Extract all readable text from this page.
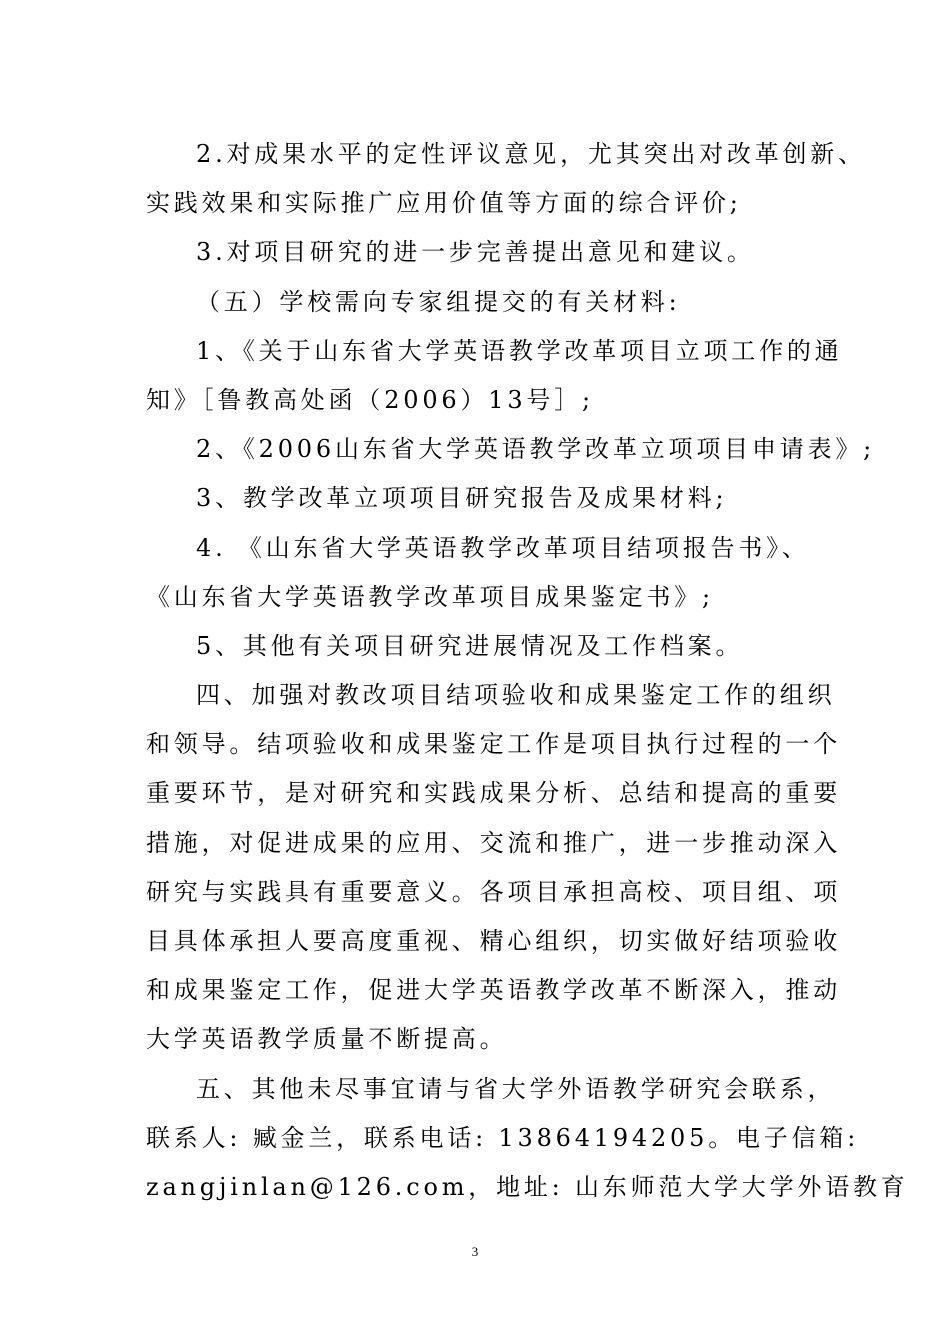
2.对成果水平的定性评议意见，尤其突出对改革创新、
实践效果和实际推广应用价值等方面的综合评价;
3.对项目研究的进一步完善提出意见和建议。
（五）学校需向专家组提交的有关材料:
1、《关于山东省大学英语教学改革项目立项工作的通
知》［鲁教高处函（2006）13号］;
2、《2006山东省大学英语教学改革立项项目申请表》;
3、教学改革立项项目研究报告及成果材料;
4. 《山东省大学英语教学改革项目结项报告书》、
《山东省大学英语教学改革项目成果鉴定书》;
5、其他有关项目研究进展情况及工作档案。
四、加强对教改项目结项验收和成果鉴定工作的组织
和领导。结项验收和成果鉴定工作是项目执行过程的一个
重要环节，是对研究和实践成果分析、总结和提高的重要
措施，对促进成果的应用、交流和推广，进一步推动深入
研究与实践具有重要意义。各项目承担高校、项目组、项
目具体承担人要高度重视、精心组织，切实做好结项验收
和成果鉴定工作，促进大学英语教学改革不断深入，推动
大学英语教学质量不断提高。
五、其他未尽事宜请与省大学外语教学研究会联系，
联系人: 臧金兰，联系电话: 13864194205。电子信箱:
zangjinlan@126.com，地址: 山东师范大学大学外语教育
3
